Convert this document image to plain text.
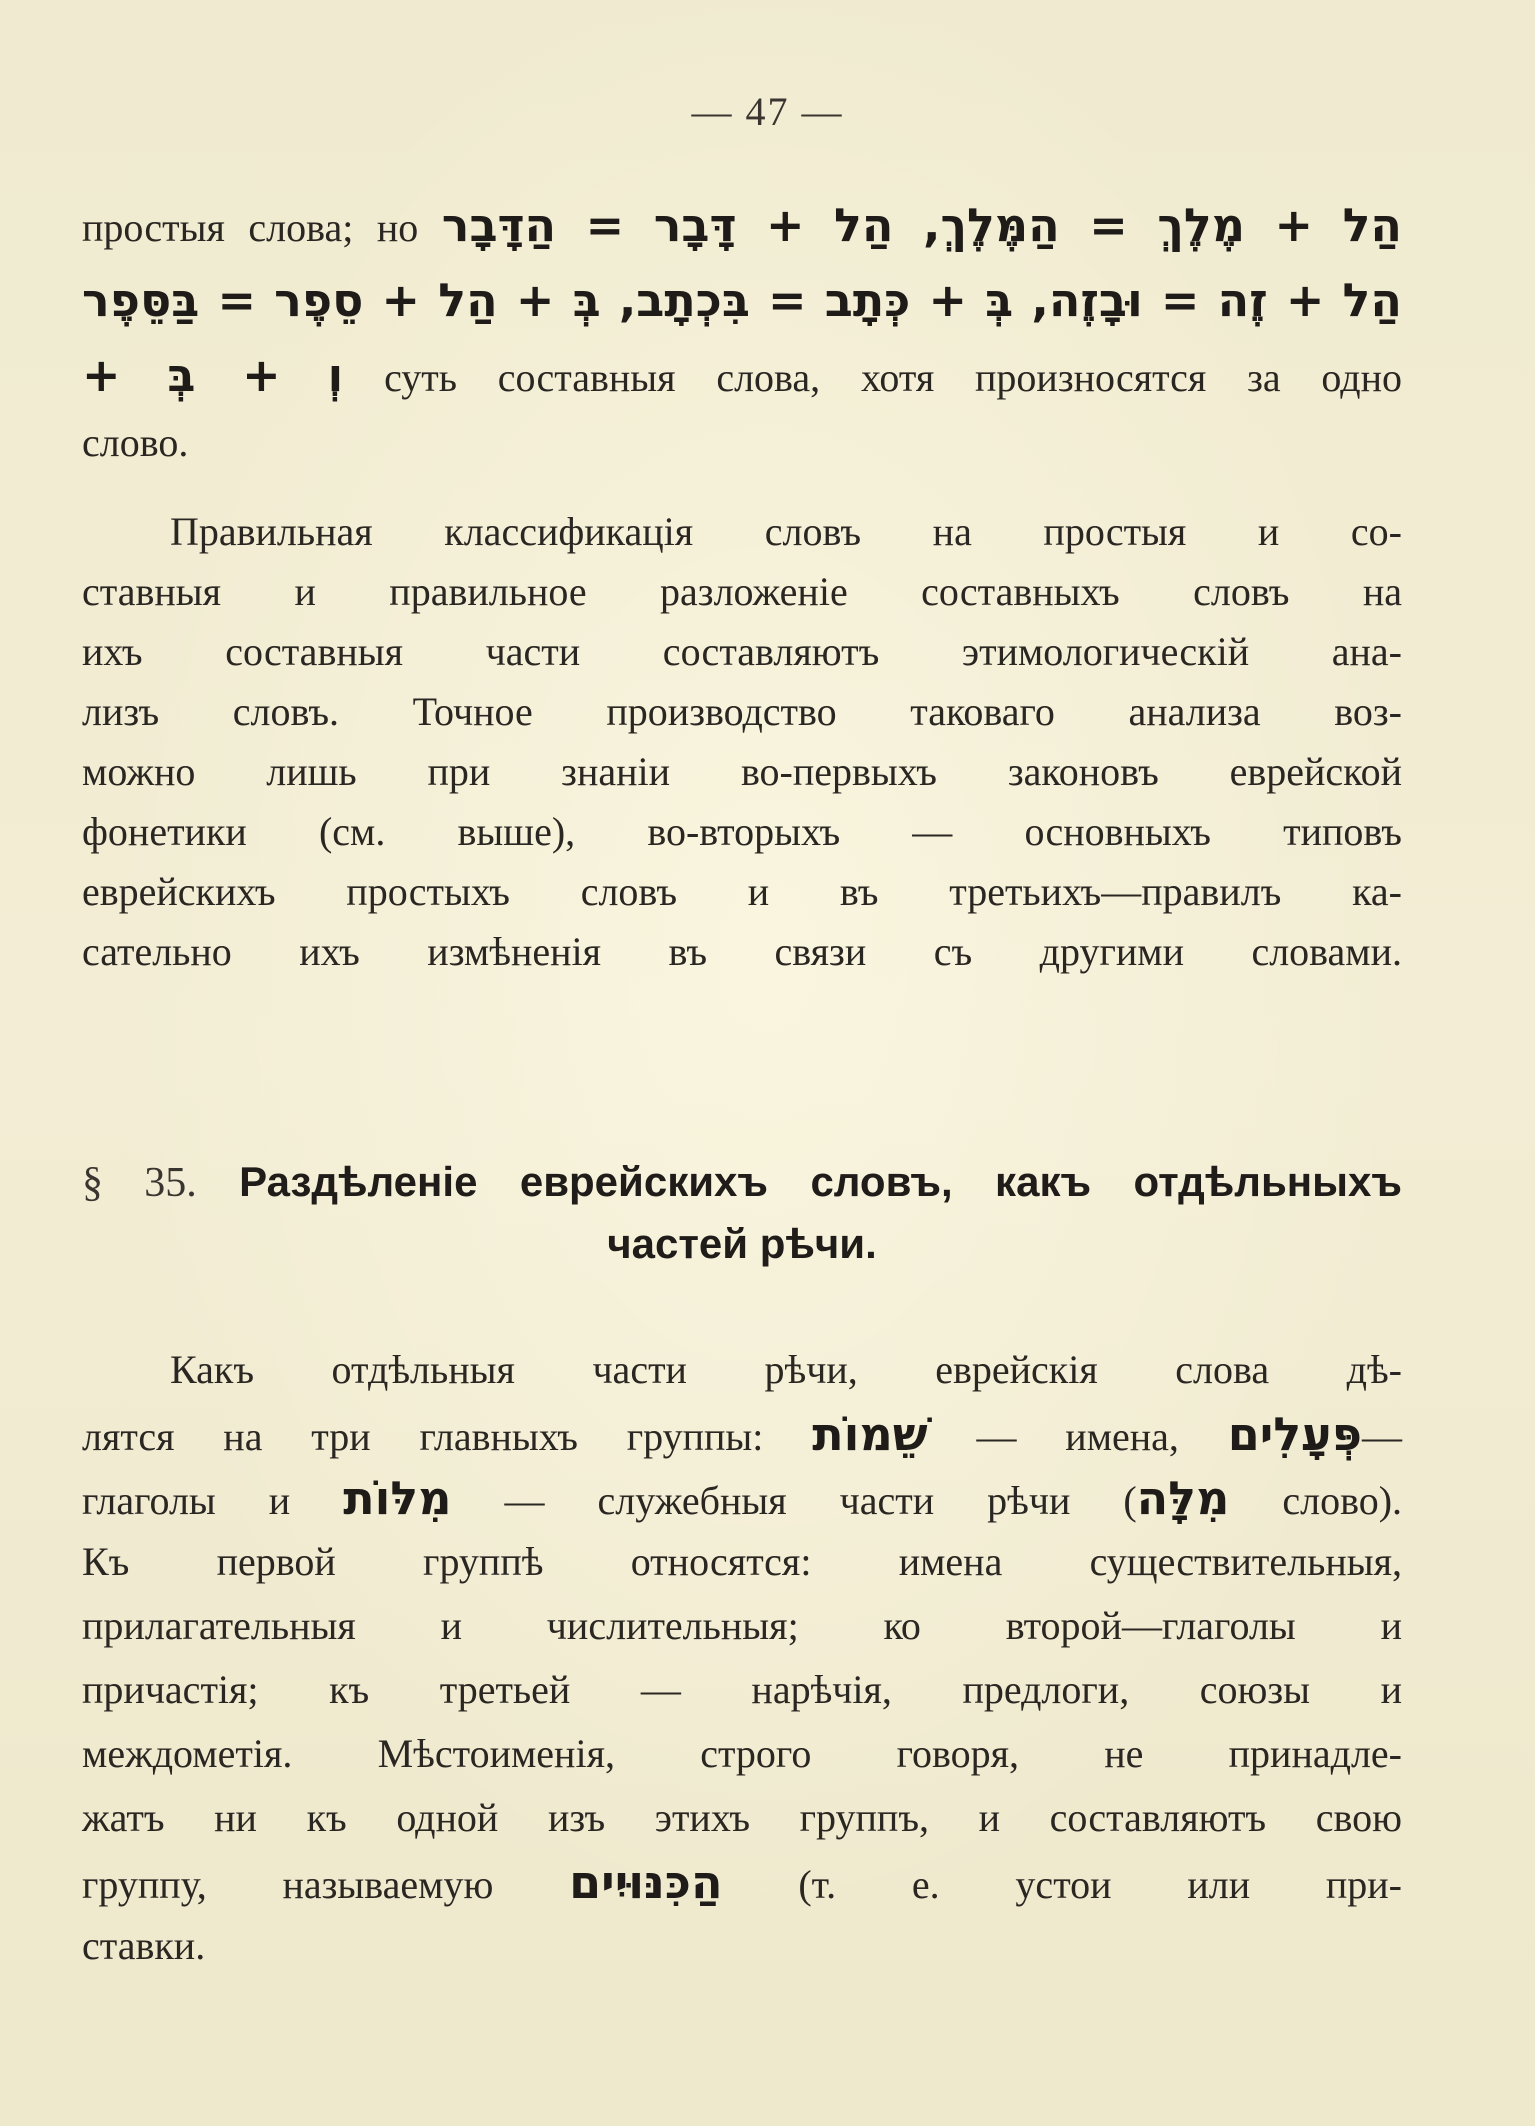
— 47 —
простыя слова; но הַל + מֶלֶךְ = הַמֶּלֶךְ, הַל + דָּבָר = הַדָּבָר
הַל + זֶה = וּבָזֶה, בְּ + כְּתָב = בִּכְתָב, בְּ + הַל + סֵפֶר = בַּסֵּפֶר
וְ + בְּ + суть составныя слова, хотя произносятся за одно
слово.
Правильная классификація словъ на простыя и со-
ставныя и правильное разложеніе составныхъ словъ на
ихъ составныя части составляютъ этимологическій ана-
лизъ словъ. Точное производство таковаго анализа воз-
можно лишь при знаніи во-первыхъ законовъ еврейской
фонетики (см. выше), во-вторыхъ — основныхъ типовъ
еврейскихъ простыхъ словъ и въ третьихъ—правилъ ка-
сательно ихъ измѣненія въ связи съ другими словами.
§ 35. Раздѣленіе еврейскихъ словъ, какъ отдѣльныхъ
частей рѣчи.
Какъ отдѣльныя части рѣчи, еврейскія слова дѣ-
лятся на три главныхъ группы: שֵׁמוֹת — имена, פְּעָלִים—
глаголы и מִלּוֹת — служебныя части рѣчи (מִלָּה слово).
Къ первой группѣ относятся: имена существительныя,
прилагательныя и числительныя; ко второй—глаголы и
причастія; къ третьей — нарѣчія, предлоги, союзы и
междометія. Мѣстоименія, строго говоря, не принадле-
жатъ ни къ одной изъ этихъ группъ, и составляютъ свою
группу, называемую הַכִּנּוּיִים (т. е. устои или при-
ставки.
